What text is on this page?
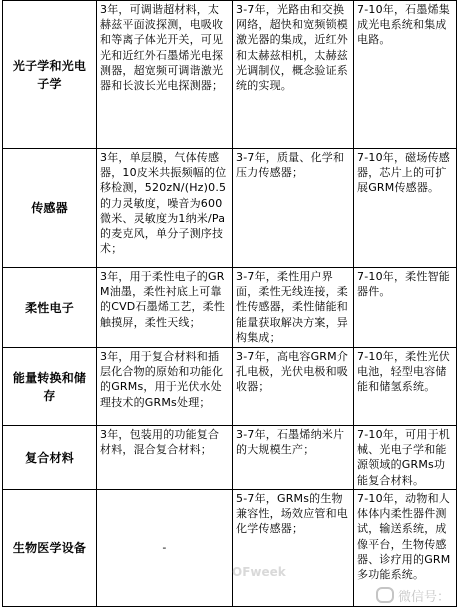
光子学和光电子学	3年，可调谐超材料，太赫兹平面波探测，电吸收和等离子体光开关，可见光和近红外石墨烯光电探测器，超宽频可调谐激光器和长波长光电探测器；	3-7年，光路由和交换网络，超快和宽频锁模激光器的集成，近红外和太赫兹相机，太赫兹光调制仪，概念验证系统的实现。	7-10年，石墨烯集成光电系统和集成电路。
传感器	3年，单层膜，气体传感器，10皮米共振频幅的位移检测，520zN/(Hz)0.5的力灵敏度，噪音为600微米、灵敏度为1纳米/Pa的麦克风，单分子测序技术；	3-7年，质量、化学和压力传感器；	7-10年，磁场传感器，芯片上的可扩展GRM传感器。
柔性电子	3年，用于柔性电子的GRM油墨，柔性衬底上可靠的CVD石墨烯工艺，柔性触摸屏，柔性天线；	3-7年，柔性用户界面，柔性无线连接，柔性传感器，柔性储能和能量获取解决方案，异构集成；	7-10年，柔性智能器件。
能量转换和储存	3年，用于复合材料和插层化合物的原始和功能化的GRMs，用于光伏水处理技术的GRMs处理；	3-7年，高电容GRM介孔电极，光伏电极和吸收器；	7-10年，柔性光伏电池，轻型电容储能和储氢系统。
复合材料	3年，包装用的功能复合材料，混合复合材料；	3-7年，石墨烯纳米片的大规模生产；	7-10年，可用于机械、光电子学和能源领域的GRMs功能复合材料。
生物医学设备	-	5-7年，GRMs的生物兼容性，场效应管和电化学传感器；	7-10年，动物和人体体内柔性器件测试，输送系统，成像平台，生物传感器、诊疗用的GRM多功能系统。
OFweek
微信号：
